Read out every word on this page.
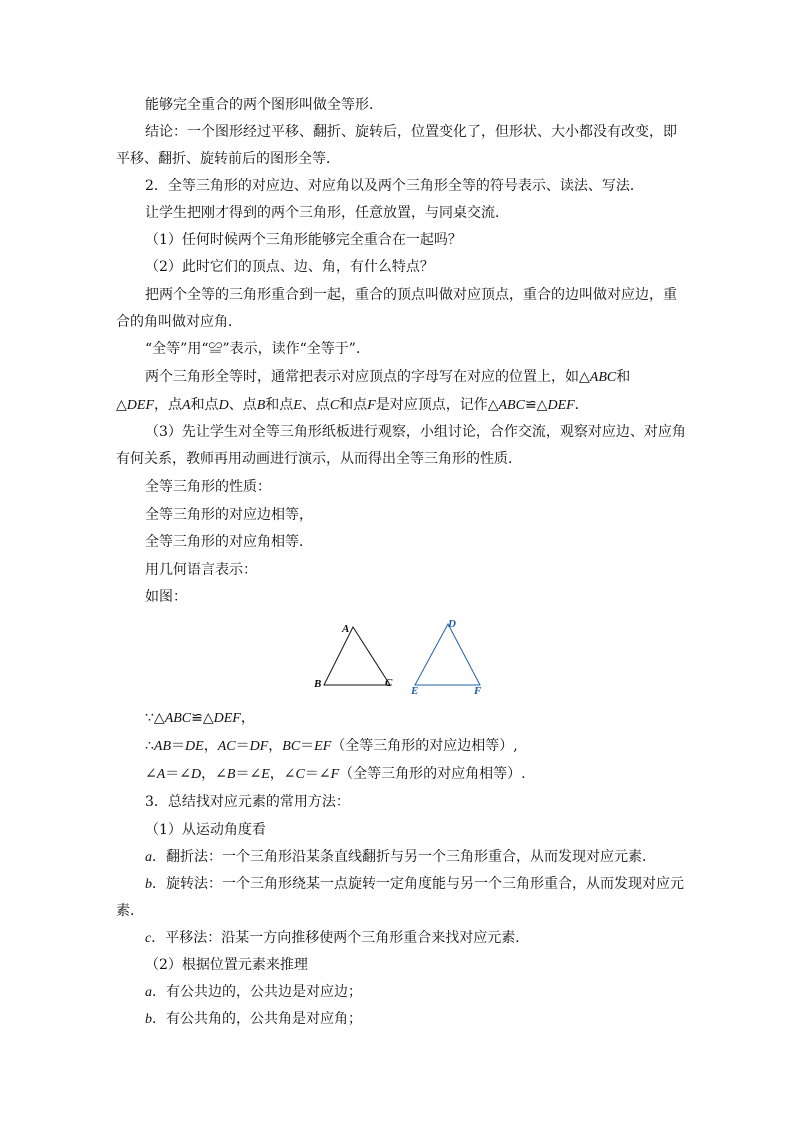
能够完全重合的两个图形叫做全等形．
结论：一个图形经过平移、翻折、旋转后，位置变化了，但形状、大小都没有改变，即
平移、翻折、旋转前后的图形全等．
2．全等三角形的对应边、对应角以及两个三角形全等的符号表示、读法、写法．
让学生把刚才得到的两个三角形，任意放置，与同桌交流．
（1）任何时候两个三角形能够完全重合在一起吗？
（2）此时它们的顶点、边、角，有什么特点？
把两个全等的三角形重合到一起，重合的顶点叫做对应顶点，重合的边叫做对应边，重
合的角叫做对应角．
“全等”用“≌”表示，读作“全等于”．
两个三角形全等时，通常把表示对应顶点的字母写在对应的位置上，如△ABC和
△DEF，点A和点D、点B和点E、点C和点F是对应顶点，记作△ABC≌△DEF．
（3）先让学生对全等三角形纸板进行观察，小组讨论，合作交流，观察对应边、对应角
有何关系，教师再用动画进行演示，从而得出全等三角形的性质．
全等三角形的性质：
全等三角形的对应边相等，
全等三角形的对应角相等．
用几何语言表示：
如图：
A
B	C
D
E	F
∵△ABC≌△DEF，
∴AB＝DE，AC＝DF，BC＝EF（全等三角形的对应边相等）,
∠A＝∠D，∠B＝∠E，∠C＝∠F（全等三角形的对应角相等）.
3．总结找对应元素的常用方法：
（1）从运动角度看
a．翻折法：一个三角形沿某条直线翻折与另一个三角形重合，从而发现对应元素．
b．旋转法：一个三角形绕某一点旋转一定角度能与另一个三角形重合，从而发现对应元
素．
c．平移法：沿某一方向推移使两个三角形重合来找对应元素．
（2）根据位置元素来推理
a．有公共边的，公共边是对应边；
b．有公共角的，公共角是对应角；
